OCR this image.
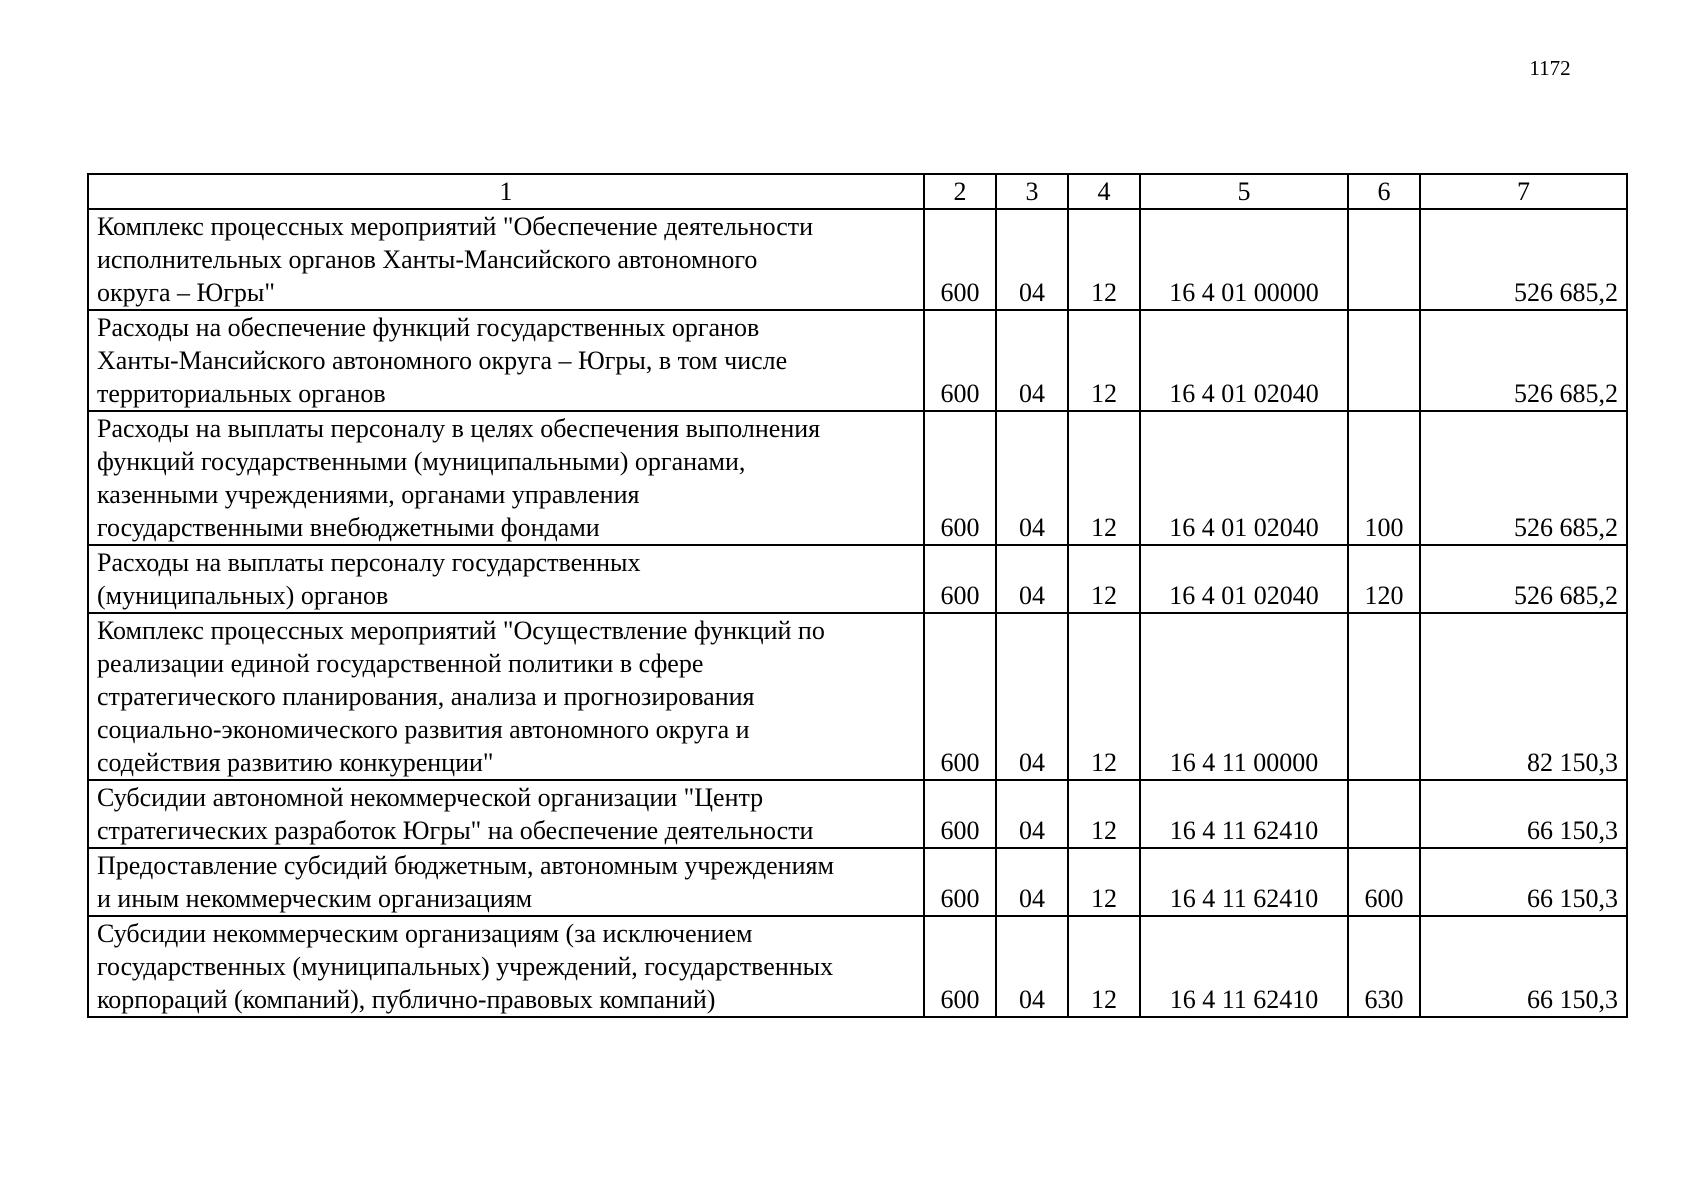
1172
1	2	3	4	5	6	7
Комплекс процессных мероприятий "Обеспечение деятельности
исполнительных органов Ханты-Мансийского автономного
округа – Югры"	600	04	12	16 4 01 00000		526 685,2
Расходы на обеспечение функций государственных органов
Ханты-Мансийского автономного округа – Югры, в том числе
территориальных органов	600	04	12	16 4 01 02040		526 685,2
Расходы на выплаты персоналу в целях обеспечения выполнения
функций государственными (муниципальными) органами,
казенными учреждениями, органами управления
государственными внебюджетными фондами	600	04	12	16 4 01 02040	100	526 685,2
Расходы на выплаты персоналу государственных
(муниципальных) органов	600	04	12	16 4 01 02040	120	526 685,2
Комплекс процессных мероприятий "Осуществление функций по
реализации единой государственной политики в сфере
стратегического планирования, анализа и прогнозирования
социально-экономического развития автономного округа и
содействия развитию конкуренции"	600	04	12	16 4 11 00000		82 150,3
Субсидии автономной некоммерческой организации "Центр
стратегических разработок Югры" на обеспечение деятельности	600	04	12	16 4 11 62410		66 150,3
Предоставление субсидий бюджетным, автономным учреждениям
и иным некоммерческим организациям	600	04	12	16 4 11 62410	600	66 150,3
Субсидии некоммерческим организациям (за исключением
государственных (муниципальных) учреждений, государственных
корпораций (компаний), публично-правовых компаний)	600	04	12	16 4 11 62410	630	66 150,3
